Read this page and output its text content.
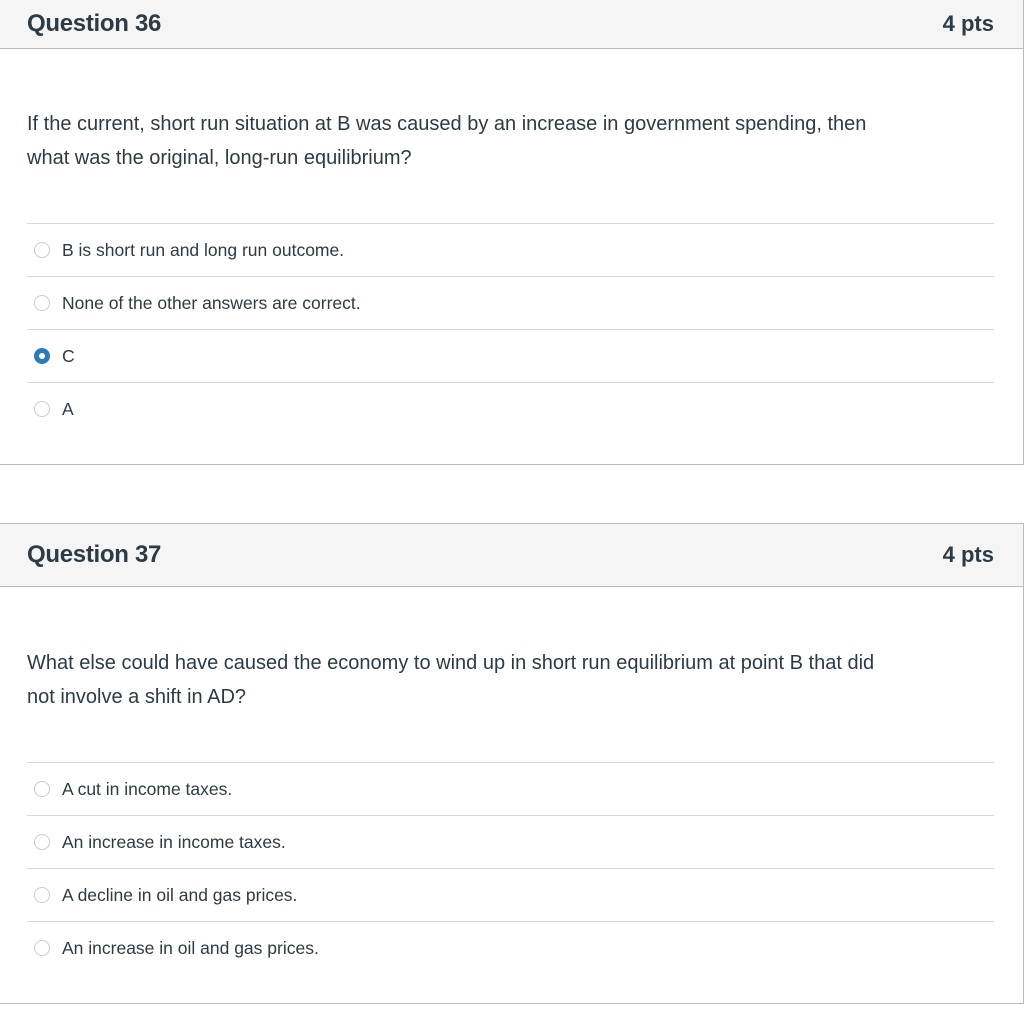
Question 36	4 pts
If the current, short run situation at B was caused by an increase in government spending, then
what was the original, long-run equilibrium?
B is short run and long run outcome.
None of the other answers are correct.
C
A
Question 37	4 pts
What else could have caused the economy to wind up in short run equilibrium at point B that did
not involve a shift in AD?
A cut in income taxes.
An increase in income taxes.
A decline in oil and gas prices.
An increase in oil and gas prices.
